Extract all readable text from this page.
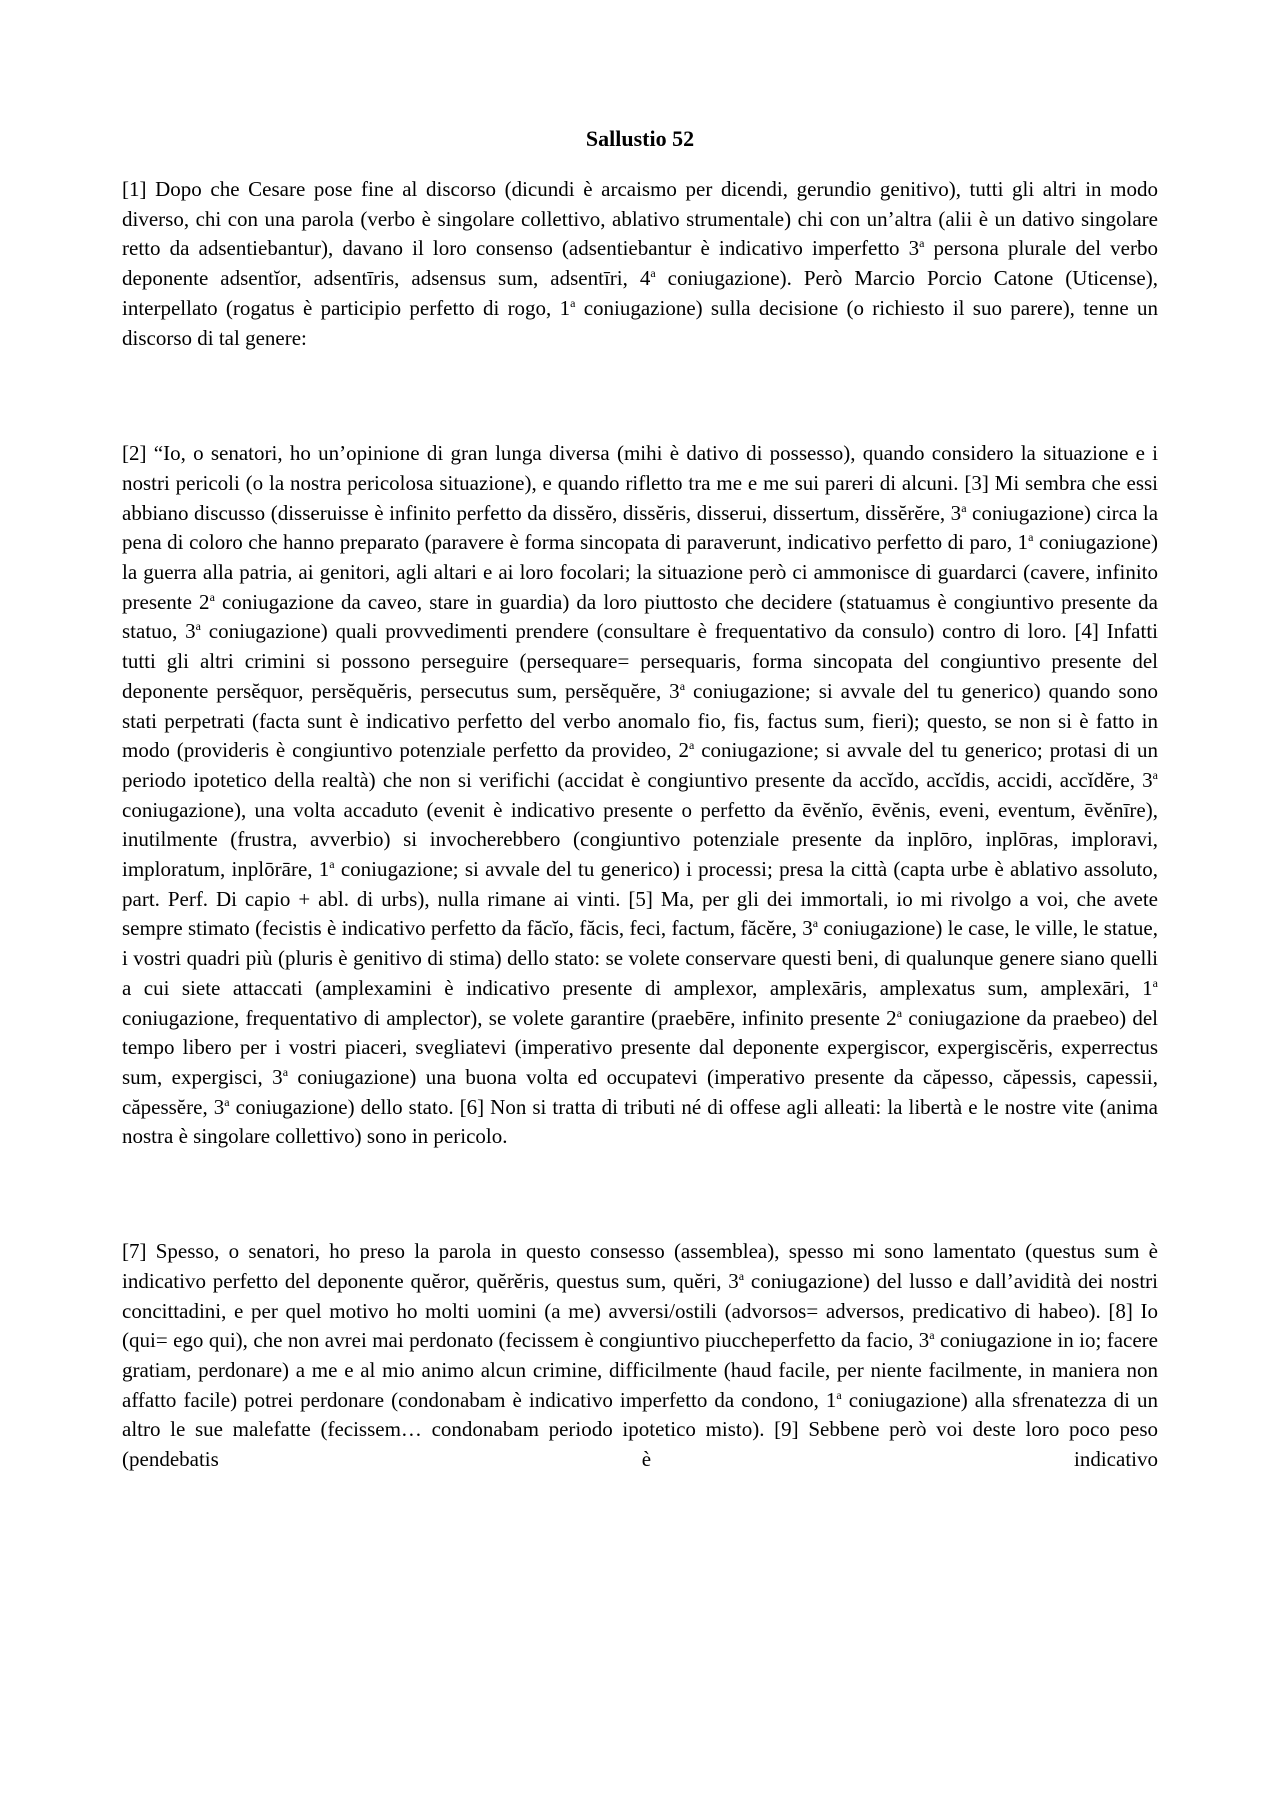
Sallustio 52

[1] Dopo che Cesare pose fine al discorso (dicundi è arcaismo per dicendi, gerundio genitivo), tutti gli altri in modo diverso, chi con una parola (verbo è singolare collettivo, ablativo strumentale) chi con un’altra (alii è un dativo singolare retto da adsentiebantur), davano il loro consenso (adsentiebantur è indicativo imperfetto 3$^a$ persona plurale del verbo deponente adsentĭor, adsentīris, adsensus sum, adsentīri, 4$^a$ coniugazione). Però Marcio Porcio Catone (Uticense), interpellato (rogatus è participio perfetto di rogo, 1$^a$ coniugazione) sulla decisione (o richiesto il suo parere), tenne un discorso di tal genere:

[2] “Io, o senatori, ho un’opinione di gran lunga diversa (mihi è dativo di possesso), quando considero la situazione e i nostri pericoli (o la nostra pericolosa situazione), e quando rifletto tra me e me sui pareri di alcuni. [3] Mi sembra che essi abbiano discusso (disseruisse è infinito perfetto da dissĕro, dissĕris, disserui, dissertum, dissĕrĕre, 3$^a$ coniugazione) circa la pena di coloro che hanno preparato (paravere è forma sincopata di paraverunt, indicativo perfetto di paro, 1$^a$ coniugazione) la guerra alla patria, ai genitori, agli altari e ai loro focolari; la situazione però ci ammonisce di guardarci (cavere, infinito presente 2$^a$ coniugazione da caveo, stare in guardia) da loro piuttosto che decidere (statuamus è congiuntivo presente da statuo, 3$^a$ coniugazione) quali provvedimenti prendere (consultare è frequentativo da consulo) contro di loro. [4] Infatti tutti gli altri crimini si possono perseguire (persequare= persequaris, forma sincopata del congiuntivo presente del deponente persĕquor, persĕquĕris, persecutus sum, persĕquĕre, 3$^a$ coniugazione; si avvale del tu generico) quando sono stati perpetrati (facta sunt è indicativo perfetto del verbo anomalo fio, fis, factus sum, fieri); questo, se non si è fatto in modo (provideris è congiuntivo potenziale perfetto da provideo, 2$^a$ coniugazione; si avvale del tu generico; protasi di un periodo ipotetico della realtà) che non si verifichi (accidat è congiuntivo presente da accĭdo, accĭdis, accidi, accĭdĕre, 3$^a$ coniugazione), una volta accaduto (evenit è indicativo presente o perfetto da ēvĕnĭo, ēvĕnis, eveni, eventum, ēvĕnīre), inutilmente (frustra, avverbio) si invocherebbero (congiuntivo potenziale presente da inplōro, inplōras, imploravi, imploratum, inplōrāre, 1$^a$ coniugazione; si avvale del tu generico) i processi; presa la città (capta urbe è ablativo assoluto, part. Perf. Di capio + abl. di urbs), nulla rimane ai vinti. [5] Ma, per gli dei immortali, io mi rivolgo a voi, che avete sempre stimato (fecistis è indicativo perfetto da făcĭo, făcis, feci, factum, făcĕre, 3$^a$ coniugazione) le case, le ville, le statue, i vostri quadri più (pluris è genitivo di stima) dello stato: se volete conservare questi beni, di qualunque genere siano quelli a cui siete attaccati (amplexamini è indicativo presente di amplexor, amplexāris, amplexatus sum, amplexāri, 1$^a$ coniugazione, frequentativo di amplector), se volete garantire (praebēre, infinito presente 2$^a$ coniugazione da praebeo) del tempo libero per i vostri piaceri, svegliatevi (imperativo presente dal deponente expergiscor, expergiscĕris, experrectus sum, expergisci, 3$^a$ coniugazione) una buona volta ed occupatevi (imperativo presente da căpesso, căpessis, capessii, căpessĕre, 3$^a$ coniugazione) dello stato. [6] Non si tratta di tributi né di offese agli alleati: la libertà e le nostre vite (anima nostra è singolare collettivo) sono in pericolo.

[7] Spesso, o senatori, ho preso la parola in questo consesso (assemblea), spesso mi sono lamentato (questus sum è indicativo perfetto del deponente quĕror, quĕrĕris, questus sum, quĕri, 3$^a$ coniugazione) del lusso e dall’avidità dei nostri concittadini, e per quel motivo ho molti uomini (a me) avversi/ostili (advorsos= adversos, predicativo di habeo). [8] Io (qui= ego qui), che non avrei mai perdonato (fecissem è congiuntivo piuccheperfetto da facio, 3$^a$ coniugazione in io; facere gratiam, perdonare) a me e al mio animo alcun crimine, difficilmente (haud facile, per niente facilmente, in maniera non affatto facile) potrei perdonare (condonabam è indicativo imperfetto da condono, 1$^a$ coniugazione) alla sfrenatezza di un altro le sue malefatte (fecissem… condonabam periodo ipotetico misto). [9] Sebbene però voi deste loro poco peso (pendebatis è indicativo
